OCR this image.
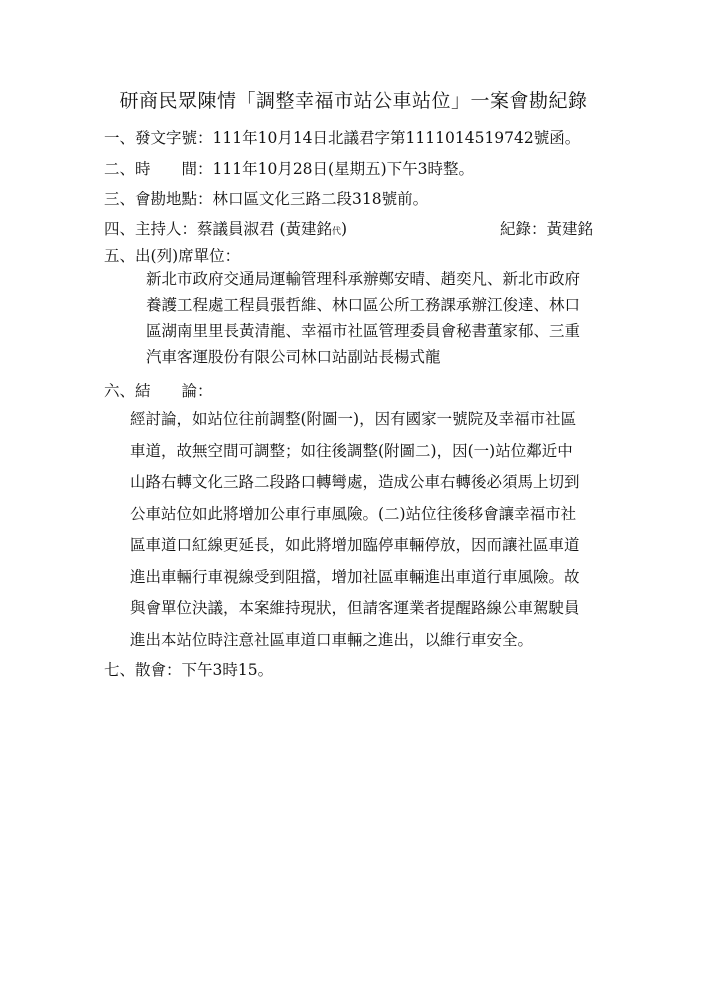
研商民眾陳情「調整幸福市站公車站位」一案會勘紀錄
一、發文字號：111年10月14日北議君字第1111014519742號函。
二、時　　間：111年10月28日(星期五)下午3時整。
三、會勘地點：林口區文化三路二段318號前。
四、主持人：蔡議員淑君 (黃建銘代)	紀錄：黃建銘
五、出(列)席單位：
新北市政府交通局運輸管理科承辦鄭安晴、趙奕凡、新北市政府
養護工程處工程員張哲維、林口區公所工務課承辦江俊達、林口
區湖南里里長黃清龍、幸福市社區管理委員會秘書董家郁、三重
汽車客運股份有限公司林口站副站長楊式龍
六、結　　論：
經討論，如站位往前調整(附圖一)，因有國家一號院及幸福市社區
車道，故無空間可調整；如往後調整(附圖二)，因(一)站位鄰近中
山路右轉文化三路二段路口轉彎處，造成公車右轉後必須馬上切到
公車站位如此將增加公車行車風險。(二)站位往後移會讓幸福市社
區車道口紅線更延長，如此將增加臨停車輛停放，因而讓社區車道
進出車輛行車視線受到阻擋，增加社區車輛進出車道行車風險。故
與會單位決議，本案維持現狀，但請客運業者提醒路線公車駕駛員
進出本站位時注意社區車道口車輛之進出，以維行車安全。
七、散會：下午3時15。
